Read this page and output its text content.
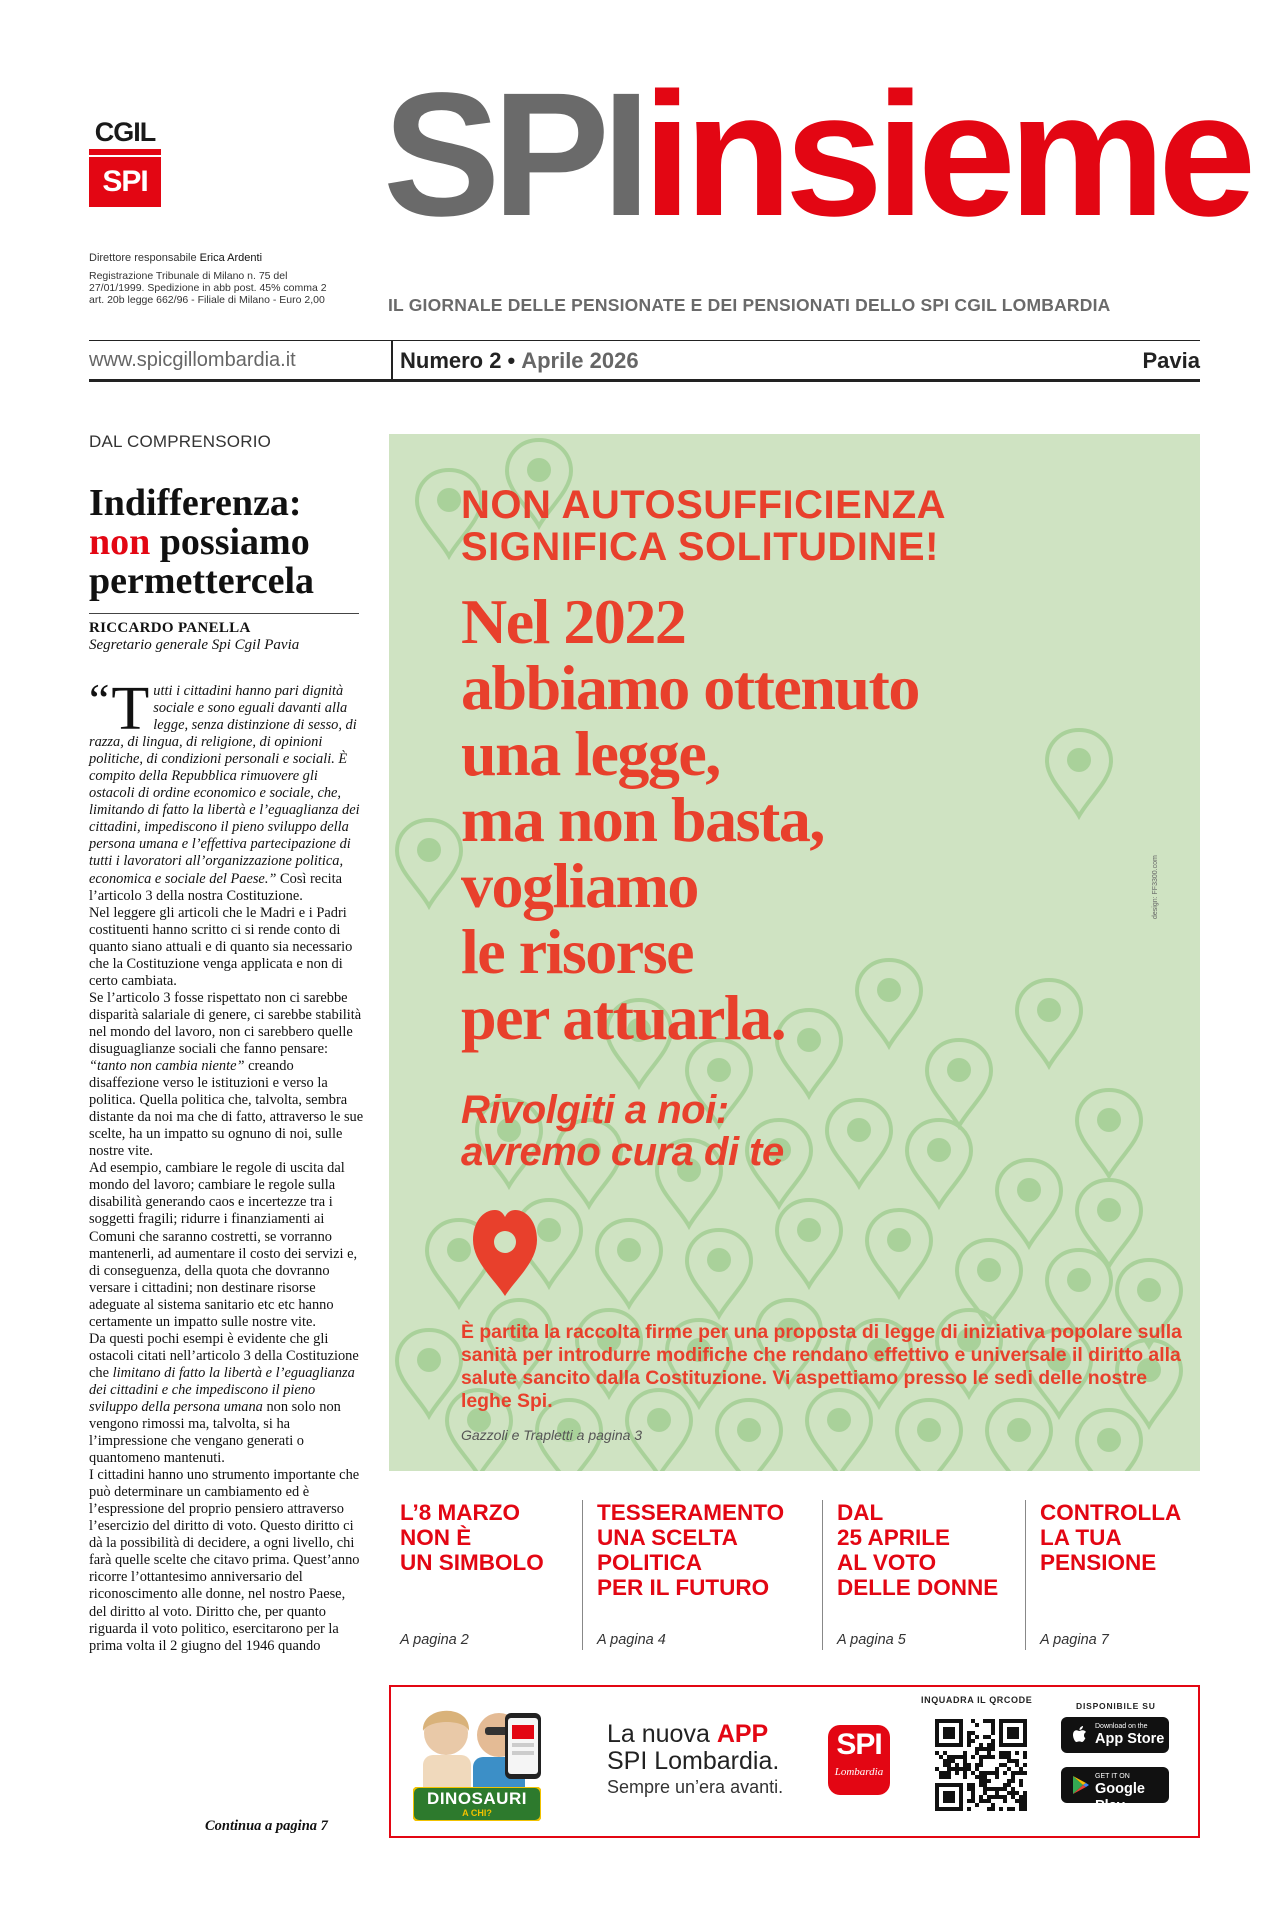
CGIL
SPI SPIinsieme
Direttore responsabile Erica Ardenti
Registrazione Tribunale di Milano n. 75 del 27/01/1999. Spedizione in abb post. 45% comma 2 art. 20b legge 662/96 - Filiale di Milano - Euro 2,00	IL GIORNALE DELLE PENSIONATE E DEI PENSIONATI DELLO SPI CGIL LOMBARDIA
www.spicgillombardia.it	Numero 2 • Aprile 2026	Pavia
DAL COMPRENSORIO
Indifferenza:
non possiamo
permettercela
RICCARDO PANELLA
Segretario generale Spi Cgil Pavia

“ T utti i cittadini hanno pari dignità sociale e sono eguali davanti alla legge, senza distinzione di sesso, di razza, di lingua, di religione, di opinioni politiche, di condizioni personali e sociali. È compito della Repubblica rimuovere gli ostacoli di ordine economico e sociale, che, limitando di fatto la libertà e l’eguaglianza dei cittadini, impediscono il pieno sviluppo della persona umana e l’effettiva partecipazione di tutti i lavoratori all’organizzazione politica, economica e sociale del Paese.” Così recita l’articolo 3 della nostra Costituzione.

Nel leggere gli articoli che le Madri e i Padri costituenti hanno scritto ci si rende conto di quanto siano attuali e di quanto sia necessario che la Costituzione venga applicata e non di certo cambiata.

Se l’articolo 3 fosse rispettato non ci sarebbe disparità salariale di genere, ci sarebbe stabilità nel mondo del lavoro, non ci sarebbero quelle disuguaglianze sociali che fanno pensare: “tanto non cambia niente” creando disaffezione verso le istituzioni e verso la politica. Quella politica che, talvolta, sembra distante da noi ma che di fatto, attraverso le sue scelte, ha un impatto su ognuno di noi, sulle nostre vite.

Ad esempio, cambiare le regole di uscita dal mondo del lavoro; cambiare le regole sulla disabilità generando caos e incertezze tra i soggetti fragili; ridurre i finanziamenti ai Comuni che saranno costretti, se vorranno mantenerli, ad aumentare il costo dei servizi e, di conseguenza, della quota che dovranno versare i cittadini; non destinare risorse adeguate al sistema sanitario etc etc hanno certamente un impatto sulle nostre vite.

Da questi pochi esempi è evidente che gli ostacoli citati nell’articolo 3 della Costituzione che limitano di fatto la libertà e l’eguaglianza dei cittadini e che impediscono il pieno sviluppo della persona umana non solo non vengono rimossi ma, talvolta, si ha l’impressione che vengano generati o quantomeno mantenuti.

I cittadini hanno uno strumento importante che può determinare un cambiamento ed è l’espressione del proprio pensiero attraverso l’esercizio del diritto di voto. Questo diritto ci dà la possibilità di decidere, a ogni livello, chi farà quelle scelte che citavo prima. Quest’anno ricorre l’ottantesimo anniversario del riconoscimento alle donne, nel nostro Paese, del diritto al voto. Diritto che, per quanto riguarda il voto politico, esercitarono per la prima volta il 2 giugno del 1946 quando

Continua a pagina 7
NON AUTOSUFFICIENZA
SIGNIFICA SOLITUDINE!
Nel 2022
abbiamo ottenuto
una legge,
ma non basta,
vogliamo
le risorse
per attuarla.
Rivolgiti a noi:
avremo cura di te
È partita la raccolta firme per una proposta di legge di iniziativa popolare sulla sanità per introdurre modifiche che rendano effettivo e universale il diritto alla salute sancito dalla Costituzione. Vi aspettiamo presso le sedi delle nostre leghe Spi.
Gazzoli e Trapletti a pagina 3
design: FF3300.com
L’8 MARZO
NON È
UN SIMBOLO
A pagina 2
TESSERAMENTO
UNA SCELTA
POLITICA
PER IL FUTURO
A pagina 4
DAL
25 APRILE
AL VOTO
DELLE DONNE
A pagina 5
CONTROLLA
LA TUA
PENSIONE
A pagina 7
DINOSAURI
A CHI?
La nuova APP
SPI Lombardia.
Sempre un’era avanti.
SPI
Lombardia
INQUADRA IL QRCODE
DISPONIBILE SU
Download on the
App Store
GET IT ON
Google Play
